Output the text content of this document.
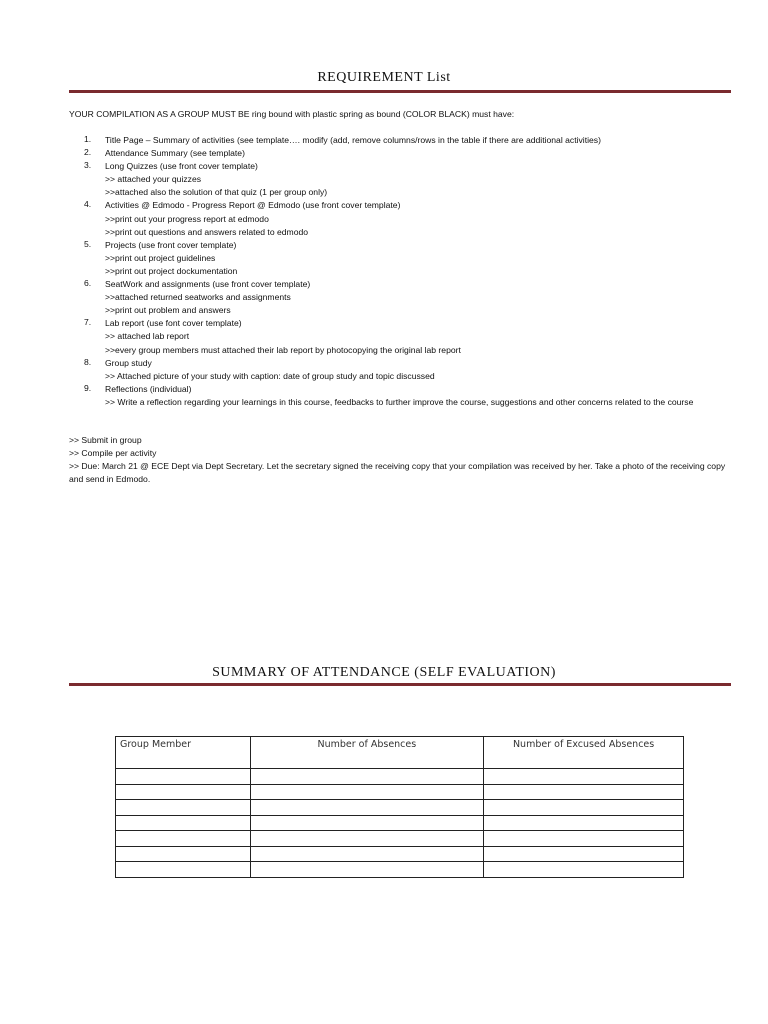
REQUIREMENT List
YOUR COMPILATION AS A GROUP MUST BE ring bound with plastic spring as bound (COLOR BLACK) must have:
1.	Title Page – Summary of activities (see template…. modify (add, remove columns/rows in the table if there are additional activities)
2.	Attendance Summary (see template)
3.	Long Quizzes (use front cover template)
>> attached your quizzes
>>attached also the solution of that quiz (1 per group only)
4.	Activities @ Edmodo - Progress Report @ Edmodo (use front cover template)
>>print out your progress report at edmodo
>>print out questions and answers related to edmodo
5.	Projects (use front cover template)
>>print out project guidelines
>>print out project dockumentation
6.	SeatWork and assignments (use front cover template)
>>attached returned seatworks and assignments
>>print out problem and answers
7.	Lab report (use font cover template)
>> attached lab report
>>every group members must attached their lab report by photocopying the original lab report
8.	Group study
>> Attached picture of your study with caption: date of group study and topic discussed
9.	Reflections (individual)
>> Write a reflection regarding your learnings in this course, feedbacks to further improve the course, suggestions and other concerns related to the course
>> Submit in group
>> Compile per activity
>> Due: March 21 @ ECE Dept via Dept Secretary. Let the secretary signed the receiving copy that your compilation was received by her. Take a photo of the receiving copy and send in Edmodo.
SUMMARY OF ATTENDANCE (SELF EVALUATION)
Group Member	Number of Absences	Number of Excused Absences
